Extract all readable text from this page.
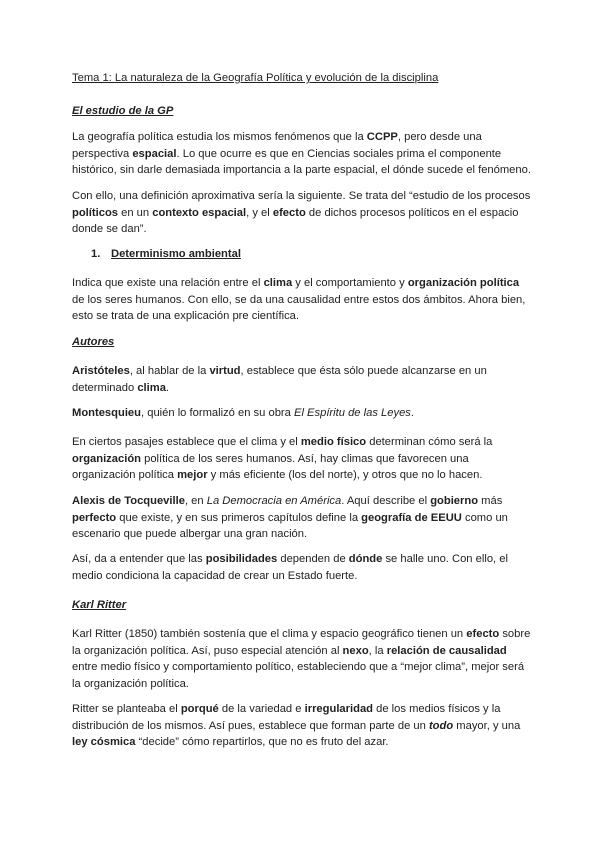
Tema 1: La naturaleza de la Geografía Política y evolución de la disciplina

El estudio de la GP

La geografía política estudia los mismos fenómenos que la CCPP, pero desde una perspectiva espacial. Lo que ocurre es que en Ciencias sociales prima el componente histórico, sin darle demasiada importancia a la parte espacial, el dónde sucede el fenómeno.

Con ello, una definición aproximativa sería la siguiente. Se trata del “estudio de los procesos políticos en un contexto espacial, y el efecto de dichos procesos políticos en el espacio donde se dan”.

1. Determinismo ambiental

Indica que existe una relación entre el clima y el comportamiento y organización política de los seres humanos. Con ello, se da una causalidad entre estos dos ámbitos. Ahora bien, esto se trata de una explicación pre científica.

Autores

Aristóteles, al hablar de la virtud, establece que ésta sólo puede alcanzarse en un determinado clima.

Montesquieu, quién lo formalizó en su obra El Espíritu de las Leyes.

En ciertos pasajes establece que el clima y el medio físico determinan cómo será la organización política de los seres humanos. Así, hay climas que favorecen una organización política mejor y más eficiente (los del norte), y otros que no lo hacen.

Alexis de Tocqueville, en La Democracia en América. Aquí describe el gobierno más perfecto que existe, y en sus primeros capítulos define la geografía de EEUU como un escenario que puede albergar una gran nación.

Así, da a entender que las posibilidades dependen de dónde se halle uno. Con ello, el medio condiciona la capacidad de crear un Estado fuerte.

Karl Ritter

Karl Ritter (1850) también sostenía que el clima y espacio geográfico tienen un efecto sobre la organización política. Así, puso especial atención al nexo, la relación de causalidad entre medio físico y comportamiento político, estableciendo que a “mejor clima”, mejor será la organización política.

Ritter se planteaba el porqué de la variedad e irregularidad de los medios físicos y la distribución de los mismos. Así pues, establece que forman parte de un todo mayor, y una ley cósmica “decide” cómo repartirlos, que no es fruto del azar.
